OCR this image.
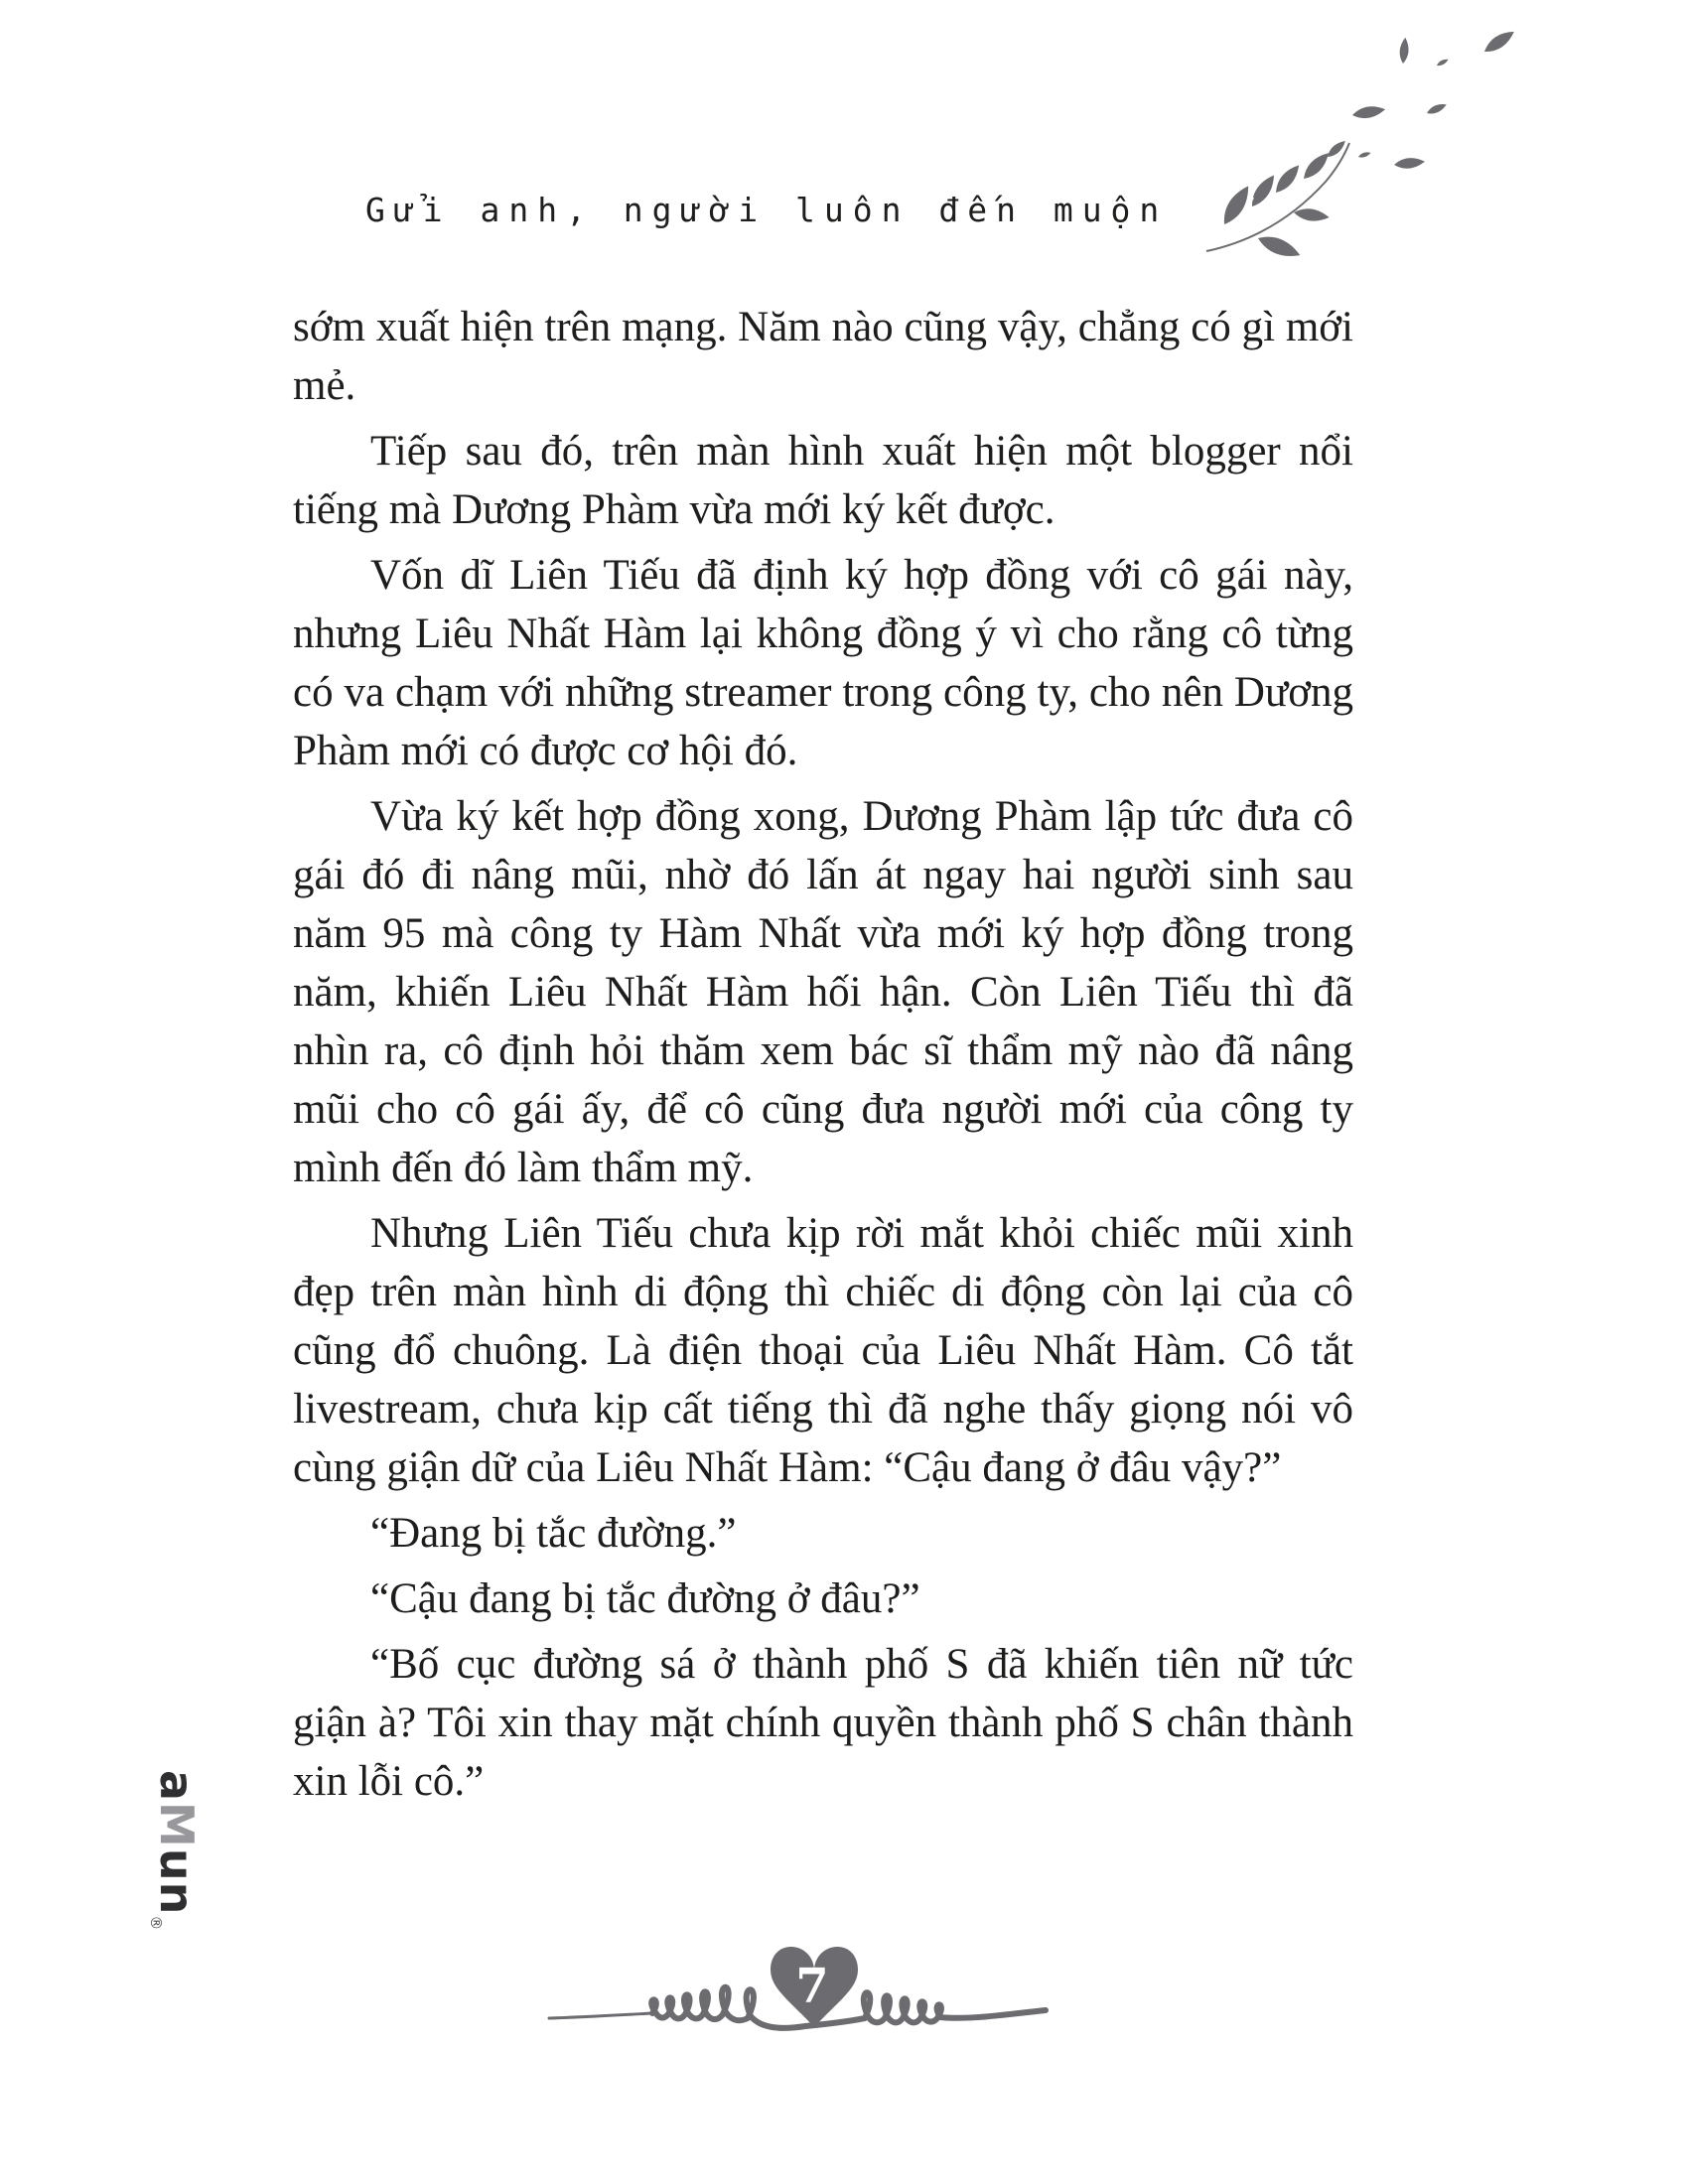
Gửi anh, người luôn đến muộn

sớm xuất hiện trên mạng. Năm nào cũng vậy, chẳng có gì mới mẻ.

Tiếp sau đó, trên màn hình xuất hiện một blogger nổi tiếng mà Dương Phàm vừa mới ký kết được.

Vốn dĩ Liên Tiếu đã định ký hợp đồng với cô gái này, nhưng Liêu Nhất Hàm lại không đồng ý vì cho rằng cô từng có va chạm với những streamer trong công ty, cho nên Dương Phàm mới có được cơ hội đó.

Vừa ký kết hợp đồng xong, Dương Phàm lập tức đưa cô gái đó đi nâng mũi, nhờ đó lấn át ngay hai người sinh sau năm 95 mà công ty Hàm Nhất vừa mới ký hợp đồng trong năm, khiến Liêu Nhất Hàm hối hận. Còn Liên Tiếu thì đã nhìn ra, cô định hỏi thăm xem bác sĩ thẩm mỹ nào đã nâng mũi cho cô gái ấy, để cô cũng đưa người mới của công ty mình đến đó làm thẩm mỹ.

Nhưng Liên Tiếu chưa kịp rời mắt khỏi chiếc mũi xinh đẹp trên màn hình di động thì chiếc di động còn lại của cô cũng đổ chuông. Là điện thoại của Liêu Nhất Hàm. Cô tắt livestream, chưa kịp cất tiếng thì đã nghe thấy giọng nói vô cùng giận dữ của Liêu Nhất Hàm: “Cậu đang ở đâu vậy?”

“Đang bị tắc đường.”

“Cậu đang bị tắc đường ở đâu?”

“Bố cục đường sá ở thành phố S đã khiến tiên nữ tức giận à? Tôi xin thay mặt chính quyền thành phố S chân thành xin lỗi cô.”

aMun$_®$
7
